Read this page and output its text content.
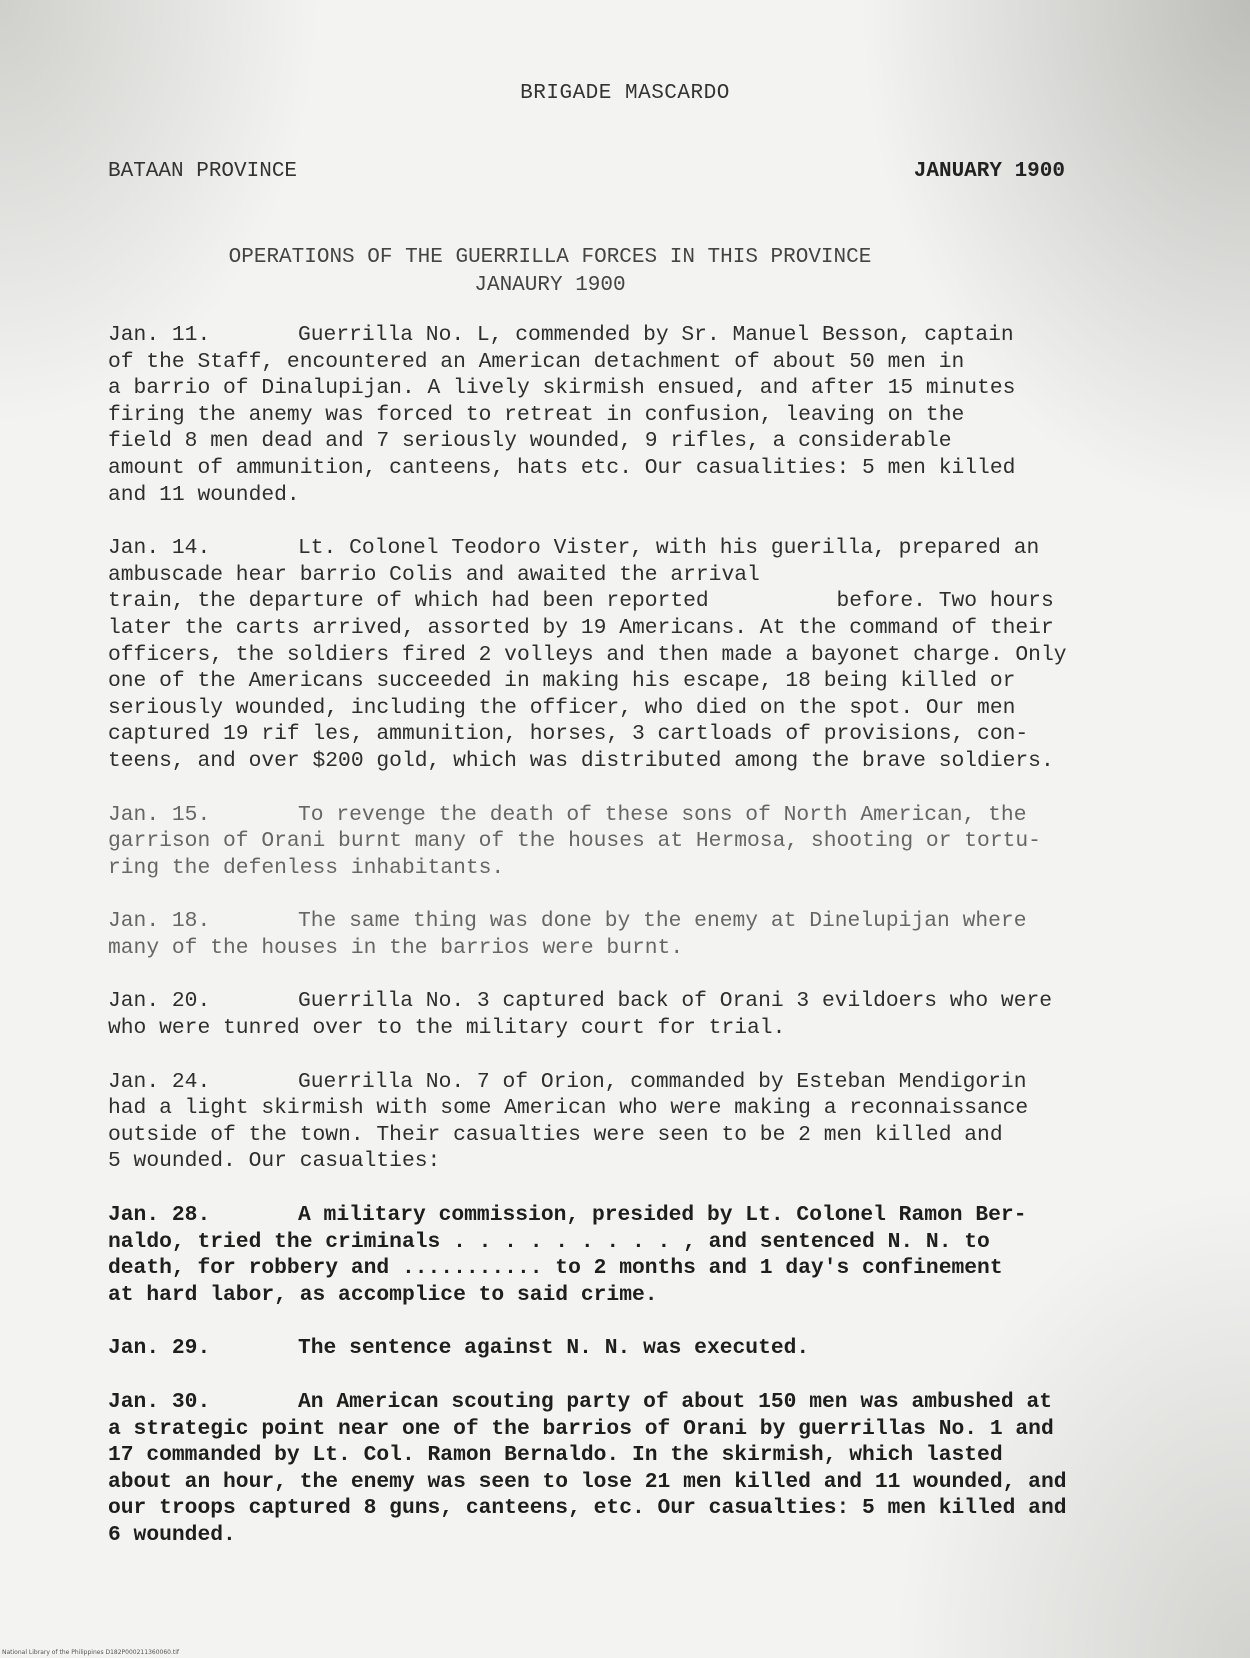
BRIGADE MASCARDO
BATAAN PROVINCE	JANUARY 1900
OPERATIONS OF THE GUERRILLA FORCES IN THIS PROVINCE
JANAURY 1900
Jan. 11.	Guerrilla No. L, commended by Sr. Manuel Besson, captain
of the Staff, encountered an American detachment of about 50 men in
a barrio of Dinalupijan. A lively skirmish ensued, and after 15 minutes
firing the anemy was forced to retreat in confusion, leaving on the
field 8 men dead and 7 seriously wounded, 9 rifles, a considerable
amount of ammunition, canteens, hats etc. Our casualities: 5 men killed
and 11 wounded.
Jan. 14.	Lt. Colonel Teodoro Vister, with his guerilla, prepared an
ambuscade hear barrio Colis and awaited the arrival
train, the departure of which had been reported          before. Two hours
later the carts arrived, assorted by 19 Americans. At the command of their
officers, the soldiers fired 2 volleys and then made a bayonet charge. Only
one of the Americans succeeded in making his escape, 18 being killed or
seriously wounded, including the officer, who died on the spot. Our men
captured 19 rif les, ammunition, horses, 3 cartloads of provisions, con-
teens, and over $200 gold, which was distributed among the brave soldiers.
Jan. 15.	To revenge the death of these sons of North American, the
garrison of Orani burnt many of the houses at Hermosa, shooting or tortu-
ring the defenless inhabitants.
Jan. 18.	The same thing was done by the enemy at Dinelupijan where
many of the houses in the barrios were burnt.
Jan. 20.	Guerrilla No. 3 captured back of Orani 3 evildoers who were
who were tunred over to the military court for trial.
Jan. 24.	Guerrilla No. 7 of Orion, commanded by Esteban Mendigorin
had a light skirmish with some American who were making a reconnaissance
outside of the town. Their casualties were seen to be 2 men killed and
5 wounded. Our casualties:
Jan. 28.	A military commission, presided by Lt. Colonel Ramon Ber-
naldo, tried the criminals . . . . . . . . . , and sentenced N. N. to
death, for robbery and ........... to 2 months and 1 day's confinement
at hard labor, as accomplice to said crime.
Jan. 29.	The sentence against N. N. was executed.
Jan. 30.	An American scouting party of about 150 men was ambushed at
a strategic point near one of the barrios of Orani by guerrillas No. 1 and
17 commanded by Lt. Col. Ramon Bernaldo. In the skirmish, which lasted
about an hour, the enemy was seen to lose 21 men killed and 11 wounded, and
our troops captured 8 guns, canteens, etc. Our casualties: 5 men killed and
6 wounded.
National Library of the Philippines D182P000211360060.tif
